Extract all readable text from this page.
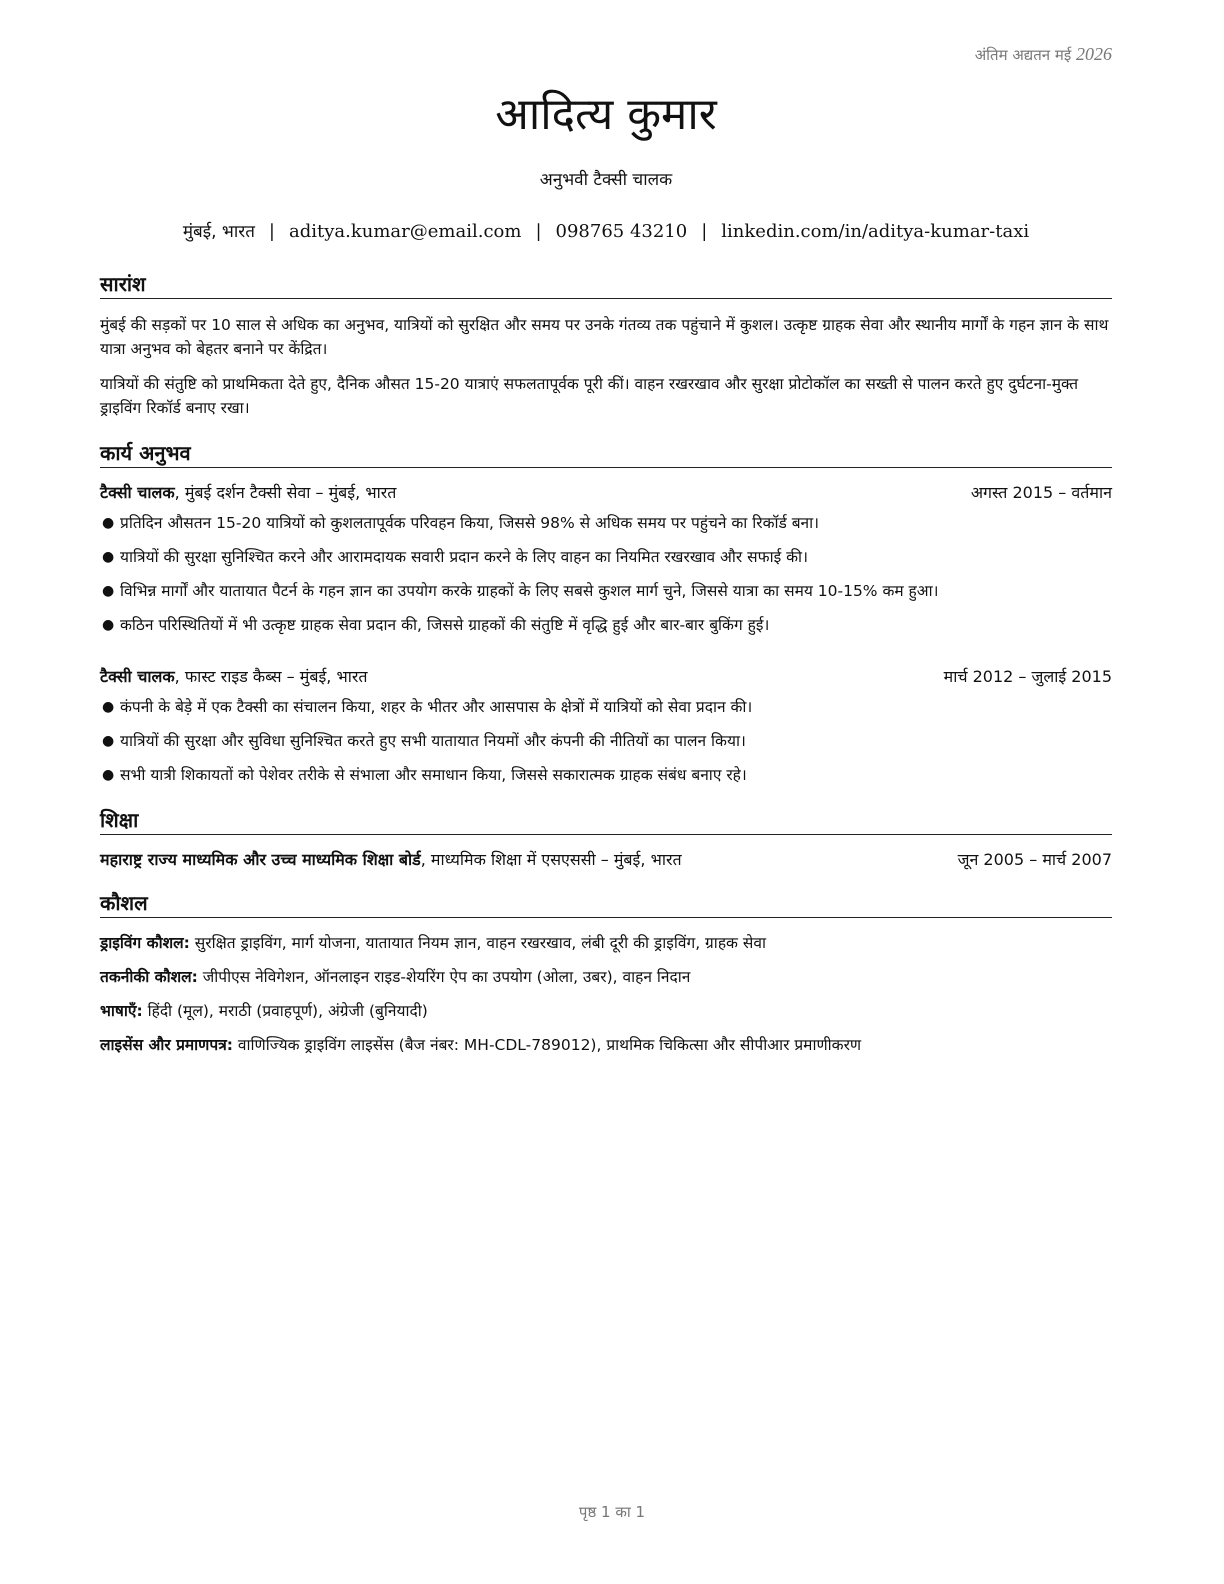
अंतिम अद्यतन मई 2026
आदित्य कुमार
अनुभवी टैक्सी चालक
मुंबई, भारत | aditya.kumar@email.com | 098765 43210 | linkedin.com/in/aditya-kumar-taxi
सारांश

मुंबई की सड़कों पर 10 साल से अधिक का अनुभव, यात्रियों को सुरक्षित और समय पर उनके गंतव्य तक पहुंचाने में कुशल। उत्कृष्ट ग्राहक सेवा और स्थानीय मार्गों के गहन ज्ञान के साथ यात्रा अनुभव को बेहतर बनाने पर केंद्रित।

यात्रियों की संतुष्टि को प्राथमिकता देते हुए, दैनिक औसत 15-20 यात्राएं सफलतापूर्वक पूरी कीं। वाहन रखरखाव और सुरक्षा प्रोटोकॉल का सख्ती से पालन करते हुए दुर्घटना-मुक्त ड्राइविंग रिकॉर्ड बनाए रखा।

कार्य अनुभव
टैक्सी चालक, मुंबई दर्शन टैक्सी सेवा – मुंबई, भारत	अगस्त 2015 – वर्तमान
● प्रतिदिन औसतन 15-20 यात्रियों को कुशलतापूर्वक परिवहन किया, जिससे 98% से अधिक समय पर पहुंचने का रिकॉर्ड बना।
● यात्रियों की सुरक्षा सुनिश्चित करने और आरामदायक सवारी प्रदान करने के लिए वाहन का नियमित रखरखाव और सफाई की।
● विभिन्न मार्गों और यातायात पैटर्न के गहन ज्ञान का उपयोग करके ग्राहकों के लिए सबसे कुशल मार्ग चुने, जिससे यात्रा का समय 10-15% कम हुआ।
● कठिन परिस्थितियों में भी उत्कृष्ट ग्राहक सेवा प्रदान की, जिससे ग्राहकों की संतुष्टि में वृद्धि हुई और बार-बार बुकिंग हुई।
टैक्सी चालक, फास्ट राइड कैब्स – मुंबई, भारत	मार्च 2012 – जुलाई 2015
● कंपनी के बेड़े में एक टैक्सी का संचालन किया, शहर के भीतर और आसपास के क्षेत्रों में यात्रियों को सेवा प्रदान की।
● यात्रियों की सुरक्षा और सुविधा सुनिश्चित करते हुए सभी यातायात नियमों और कंपनी की नीतियों का पालन किया।
● सभी यात्री शिकायतों को पेशेवर तरीके से संभाला और समाधान किया, जिससे सकारात्मक ग्राहक संबंध बनाए रहे।
शिक्षा
महाराष्ट्र राज्य माध्यमिक और उच्च माध्यमिक शिक्षा बोर्ड, माध्यमिक शिक्षा में एसएससी – मुंबई, भारत	जून 2005 – मार्च 2007
कौशल
ड्राइविंग कौशल: सुरक्षित ड्राइविंग, मार्ग योजना, यातायात नियम ज्ञान, वाहन रखरखाव, लंबी दूरी की ड्राइविंग, ग्राहक सेवा
तकनीकी कौशल: जीपीएस नेविगेशन, ऑनलाइन राइड-शेयरिंग ऐप का उपयोग (ओला, उबर), वाहन निदान
भाषाएँ: हिंदी (मूल), मराठी (प्रवाहपूर्ण), अंग्रेजी (बुनियादी)
लाइसेंस और प्रमाणपत्र: वाणिज्यिक ड्राइविंग लाइसेंस (बैज नंबर: MH-CDL-789012), प्राथमिक चिकित्सा और सीपीआर प्रमाणीकरण
पृष्ठ 1 का 1
